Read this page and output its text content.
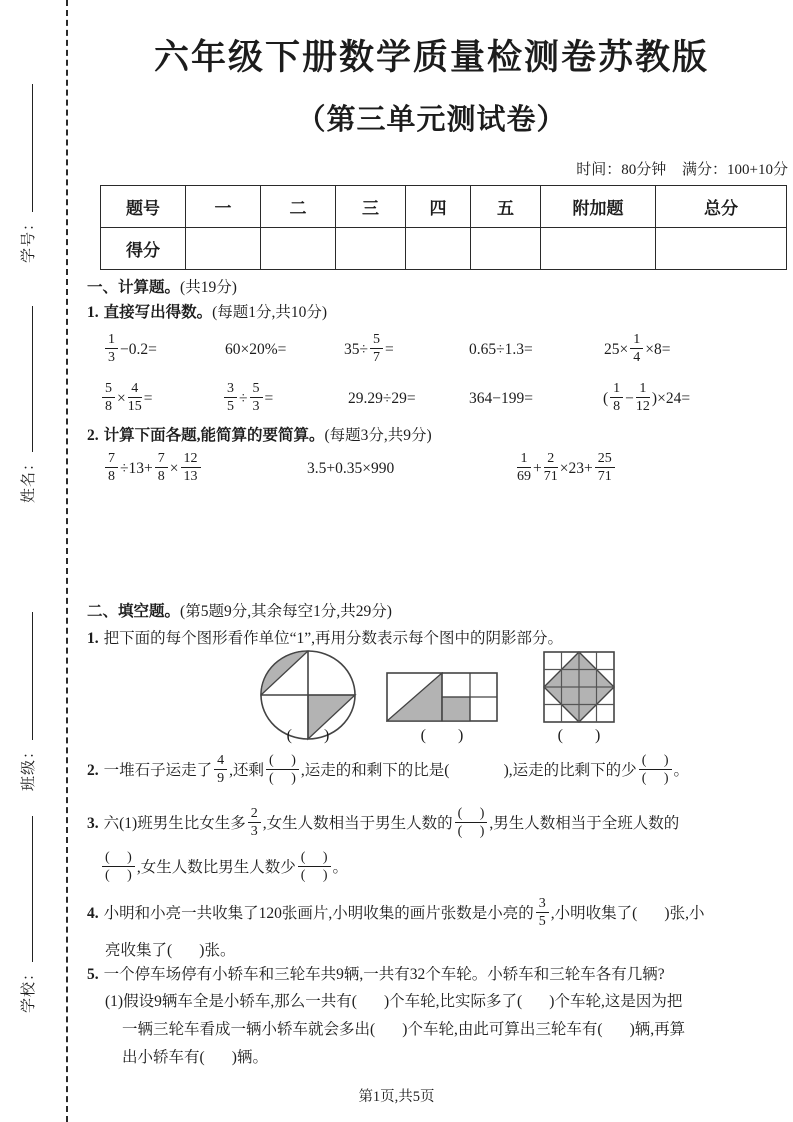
学号：
姓名：
班级：
学校：
六年级下册数学质量检测卷苏教版
（第三单元测试卷）
时间：80分钟 满分：100+10分
题号	一	二	三	四	五	附加题	总分
得分							
一、计算题。(共19分)
1. 直接写出得数。(每题1分,共10分)
$\frac{1}{3} -0.2=$	60×20%=	$35\div \frac{5}{7}$ =	0.65÷1.3=	$25\times \frac{1}{4} \times 8=$
$\frac{5}{8} \times \frac{4}{15}$ =	$\frac{3}{5} \div \frac{5}{3}$ =	29.29÷29=	364−199=	( $\frac{1}{8} - \frac{1}{12} )\times 24=$
2. 计算下面各题,能简算的要简算。(每题3分,共9分)
$\frac{7}{8} \div 13+ \frac{7}{8} \times \frac{12}{13}$	3.5+0.35×990	$\frac{1}{69} + \frac{2}{71} \times 23+ \frac{25}{71}$
二、填空题。(第5题9分,其余每空1分,共29分)
1. 把下面的每个图形看作单位“1”,再用分数表示每个图中的阴影部分。
(        )	(        )	(        )
2. 一堆石子运走了 $\frac{4}{9}$ ,还剩 $\frac{( )}{( )}$ ,运走的和剩下的比是(              ),运走的比剩下的少 $\frac{( )}{( )}$ 。
3. 六(1)班男生比女生多 $\frac{2}{3}$ ,女生人数相当于男生人数的 $\frac{( )}{( )}$ ,男生人数相当于全班人数的
$\frac{( )}{( )}$ ,女生人数比男生人数少 $\frac{( )}{( )}$ 。
4. 小明和小亮一共收集了120张画片,小明收集的画片张数是小亮的 $\frac{3}{5}$ ,小明收集了(       )张,小
亮收集了(       )张。
5. 一个停车场停有小轿车和三轮车共9辆,一共有32个车轮。小轿车和三轮车各有几辆?
(1)假设9辆车全是小轿车,那么一共有(       )个车轮,比实际多了(       )个车轮,这是因为把
一辆三轮车看成一辆小轿车就会多出(       )个车轮,由此可算出三轮车有(       )辆,再算
出小轿车有(       )辆。
第1页,共5页
